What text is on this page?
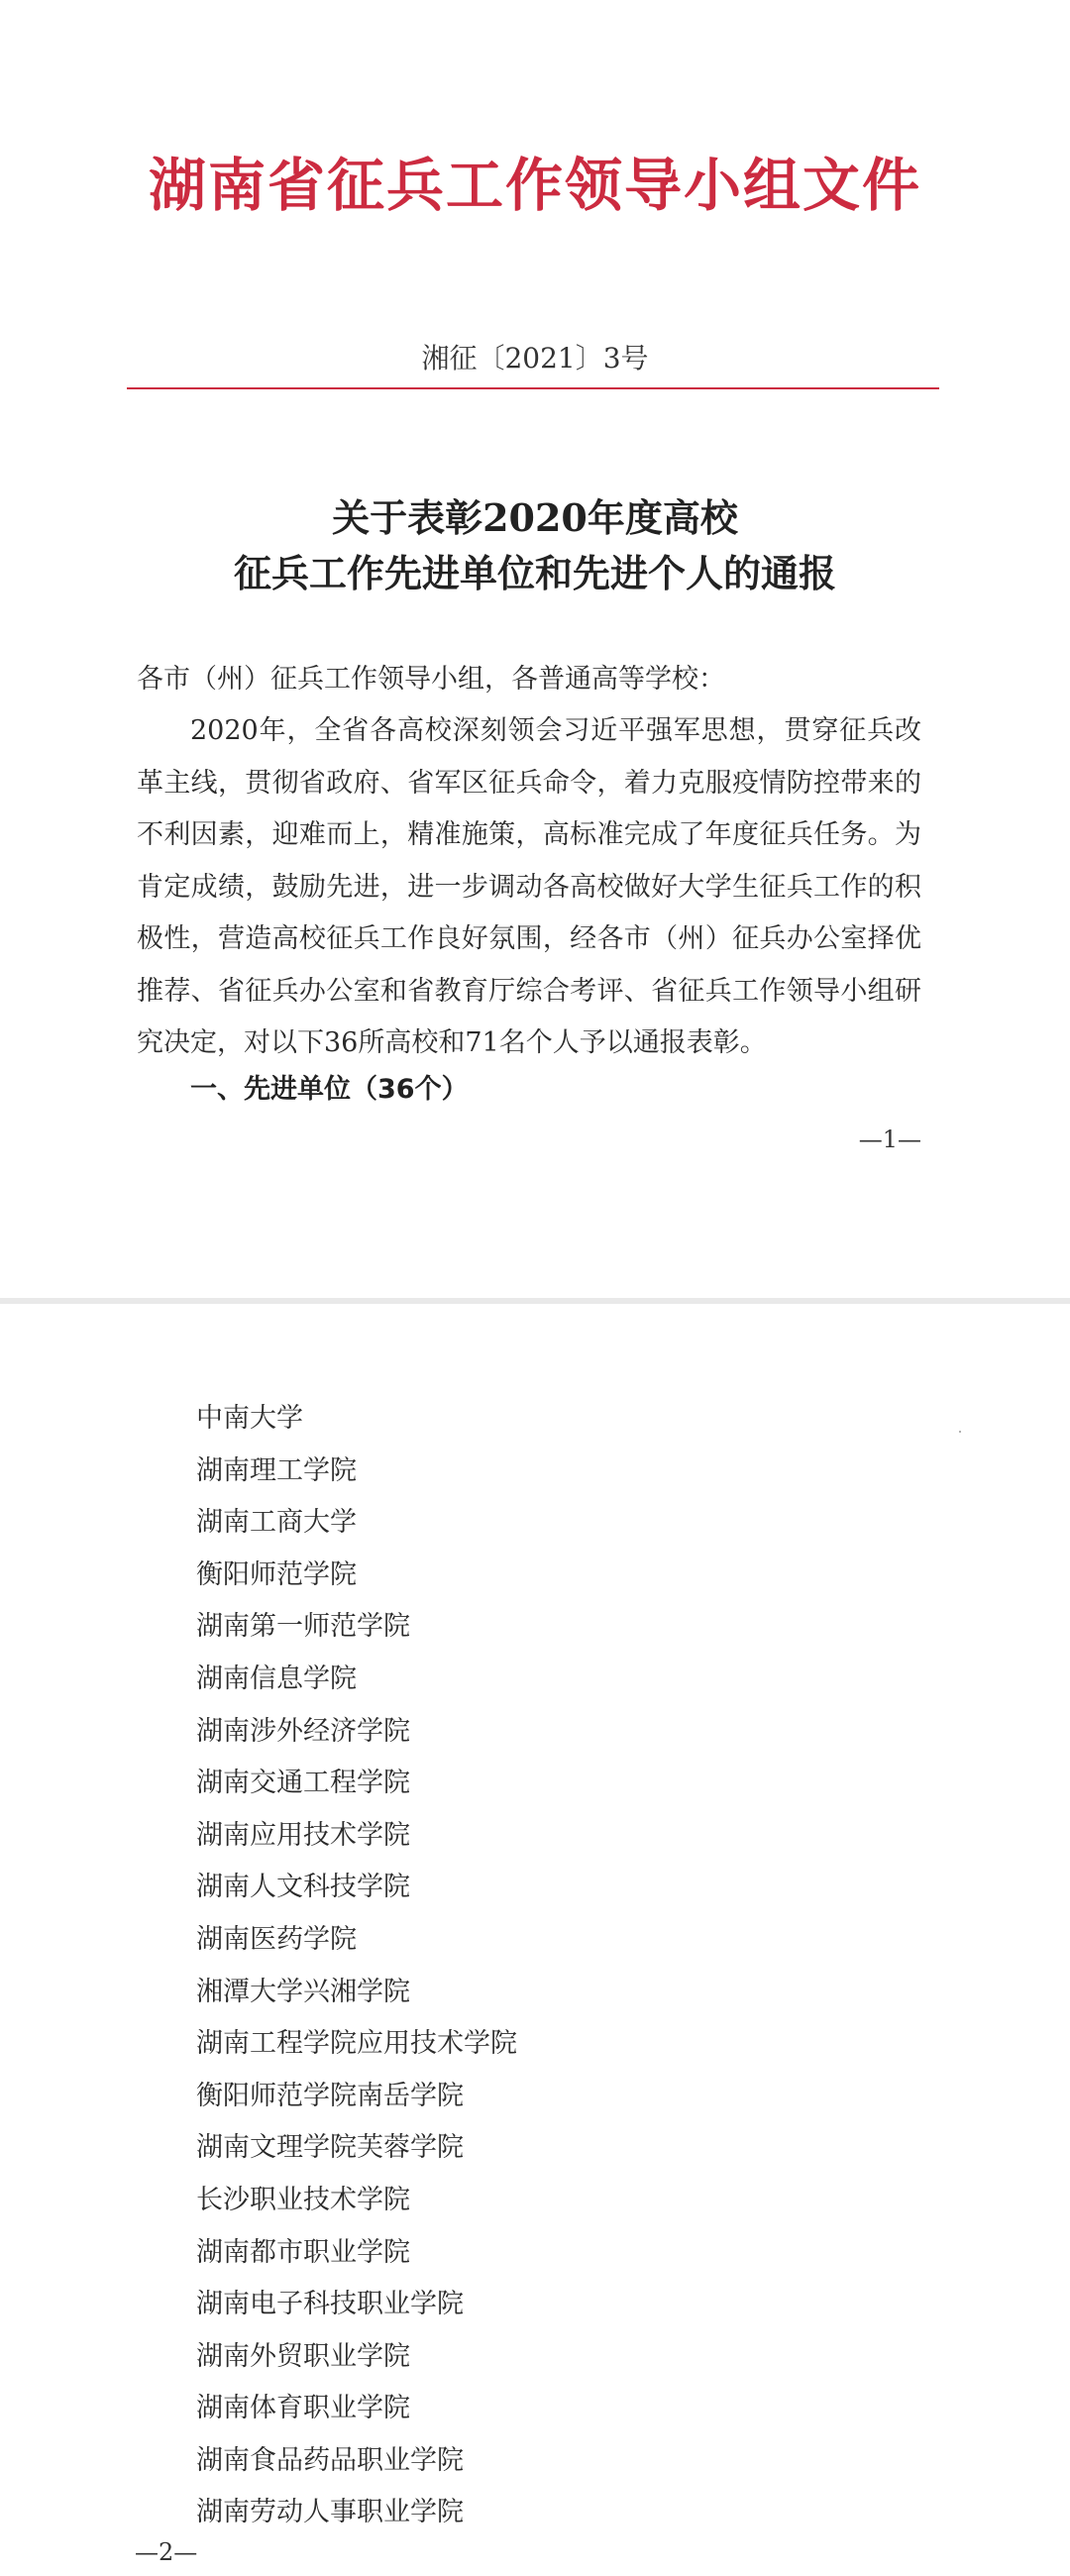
湖南省征兵工作领导小组文件
湘征〔2021〕3号
关于表彰2020年度高校
征兵工作先进单位和先进个人的通报
各市（州）征兵工作领导小组，各普通高等学校：
2020年，全省各高校深刻领会习近平强军思想，贯穿征兵改革主线，贯彻省政府、省军区征兵命令，着力克服疫情防控带来的不利因素，迎难而上，精准施策，高标准完成了年度征兵任务。为肯定成绩，鼓励先进，进一步调动各高校做好大学生征兵工作的积极性，营造高校征兵工作良好氛围，经各市（州）征兵办公室择优推荐、省征兵办公室和省教育厅综合考评、省征兵工作领导小组研究决定，对以下36所高校和71名个人予以通报表彰。
一、先进单位（36个）
—1—
中南大学
湖南理工学院
湖南工商大学
衡阳师范学院
湖南第一师范学院
湖南信息学院
湖南涉外经济学院
湖南交通工程学院
湖南应用技术学院
湖南人文科技学院
湖南医药学院
湘潭大学兴湘学院
湖南工程学院应用技术学院
衡阳师范学院南岳学院
湖南文理学院芙蓉学院
长沙职业技术学院
湖南都市职业学院
湖南电子科技职业学院
湖南外贸职业学院
湖南体育职业学院
湖南食品药品职业学院
湖南劳动人事职业学院
—2—
